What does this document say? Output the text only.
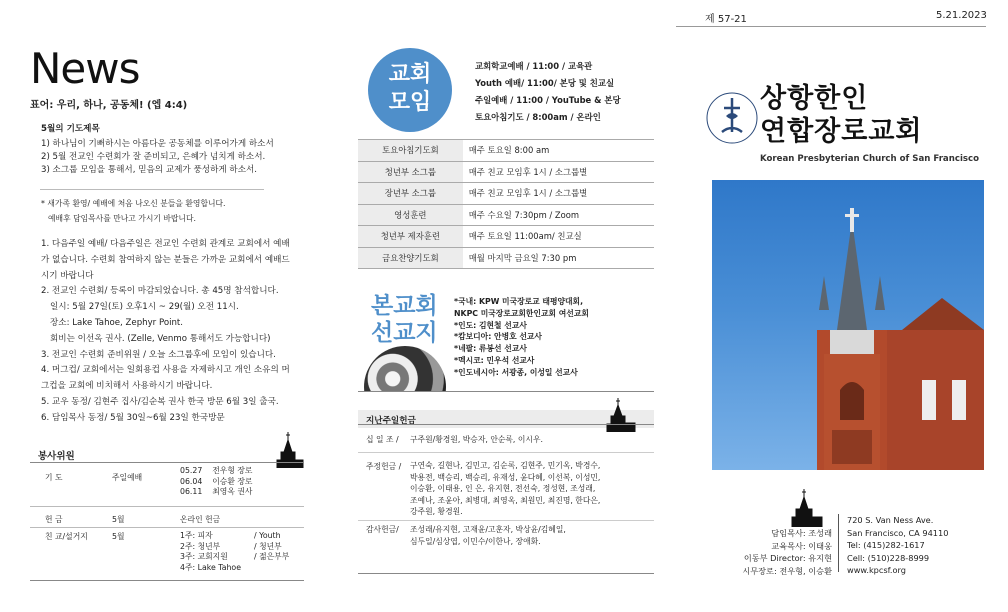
제 57-21	5.21.2023
News
표어: 우리, 하나, 공동체! (엡 4:4)
5월의 기도제목
1) 하나님이 기뻐하시는 아름다운 공동체를 이루어가게 하소서
2) 5월 전교인 수련회가 잘 준비되고, 은혜가 넘치게 하소서.
3) 소그룹 모임을 통해서, 믿음의 교제가 풍성하게 하소서.
* 새가족 환영/ 예배에 처음 나오신 분들을 환영합니다.
예배후 담임목사를 만나고 가시기 바랍니다.
1. 다음주일 예배/ 다음주일은 전교인 수련회 관계로 교회에서 예배
가 없습니다. 수련회 참여하지 않는 분들은 가까운 교회에서 예배드
시기 바랍니다
2. 전교인 수련회/ 등록이 마감되었습니다. 총 45명 참석합니다.
일시: 5월 27일(토) 오후1시 ~ 29(월) 오전 11시.
장소: Lake Tahoe, Zephyr Point.
회비는 이선옥 권사. (Zelle, Venmo 통해서도 가능합니다)
3. 전교인 수련회 준비위원 / 오늘 소그룹후에 모임이 있습니다.
4. 머그컵/ 교회에서는 일회용컵 사용을 자제하시고 개인 소유의 머
그컵을 교회에 비치해서 사용하시기 바랍니다.
5. 교우 동정/ 김현주 집사/김순복 권사 한국 방문 6월 3일 출국.
6. 담임목사 동정/ 5월 30일~6월 23일 한국방문
봉사위원
기 도	주일예배
05.27 전우형 장로
06.04 이승환 장로
06.11 최영옥 권사
헌 금	5월	온라인 헌금
친 교/설거지	5월	1주: 피자	/ Youth
2주: 청년부	/ 청년부
3주: 교회지원	/ 젊은부부
4주: Lake Tahoe
교회
모임
교회학교예배 / 11:00 / 교육관
Youth 예배/ 11:00/ 본당 및 친교실
주일예배 / 11:00 / YouTube & 본당
토요아침기도 / 8:00am / 온라인
토요아침기도회	매주 토요일 8:00 am
청년부 소그룹	매주 친교 모임후 1시 / 소그룹별
장년부 소그룹	매주 친교 모임후 1시 / 소그룹별
영성훈련	매주 수요일 7:30pm / Zoom
청년부 제자훈련	매주 토요일 11:00am/ 친교실
금요찬양기도회	매월 마지막 금요일 7:30 pm
본교회
선교지
*국내: KPW 미국장로교 태평양대회,
NKPC 미국장로교회한인교회 여선교회
*인도: 김현철 선교사
*캄보디아: 안병호 선교사
*네팔: 류봉선 선교사
*멕시코: 민우석 선교사
*인도네시아: 서광종, 이성일 선교사
지난주일헌금
십 일 조 / 구주원/황경원, 박승자, 안순록, 이시우.
주정헌금 / 구연숙, 길현나, 김민고, 김순록, 김현주, 민기옥, 박경수,
박용전, 백승리, 백승리, 유재성, 윤다혜, 이선복, 이성민,
이승환, 이태용, 인 은, 유지현, 전선숙, 정성현, 조성래,
조예나, 조윤아, 최병대, 최영옥, 최원민, 최진명, 한다은,
강주원, 황경원.
감사헌금/ 조성래/유지현, 고재윤/고훈자, 박상윤/김혜일,
심두일/심상엽, 이민수/이한나, 장애화.
상항한인
연합장로교회
Korean Presbyterian Church of San Francisco
담임목사: 조성래
교육목사: 이태웅
이동부 Director: 유지현
시무장로: 전우형, 이승환
720 S. Van Ness Ave.
San Francisco, CA 94110
Tel: (415)282-1617
Cell: (510)228-8999
www.kpcsf.org
